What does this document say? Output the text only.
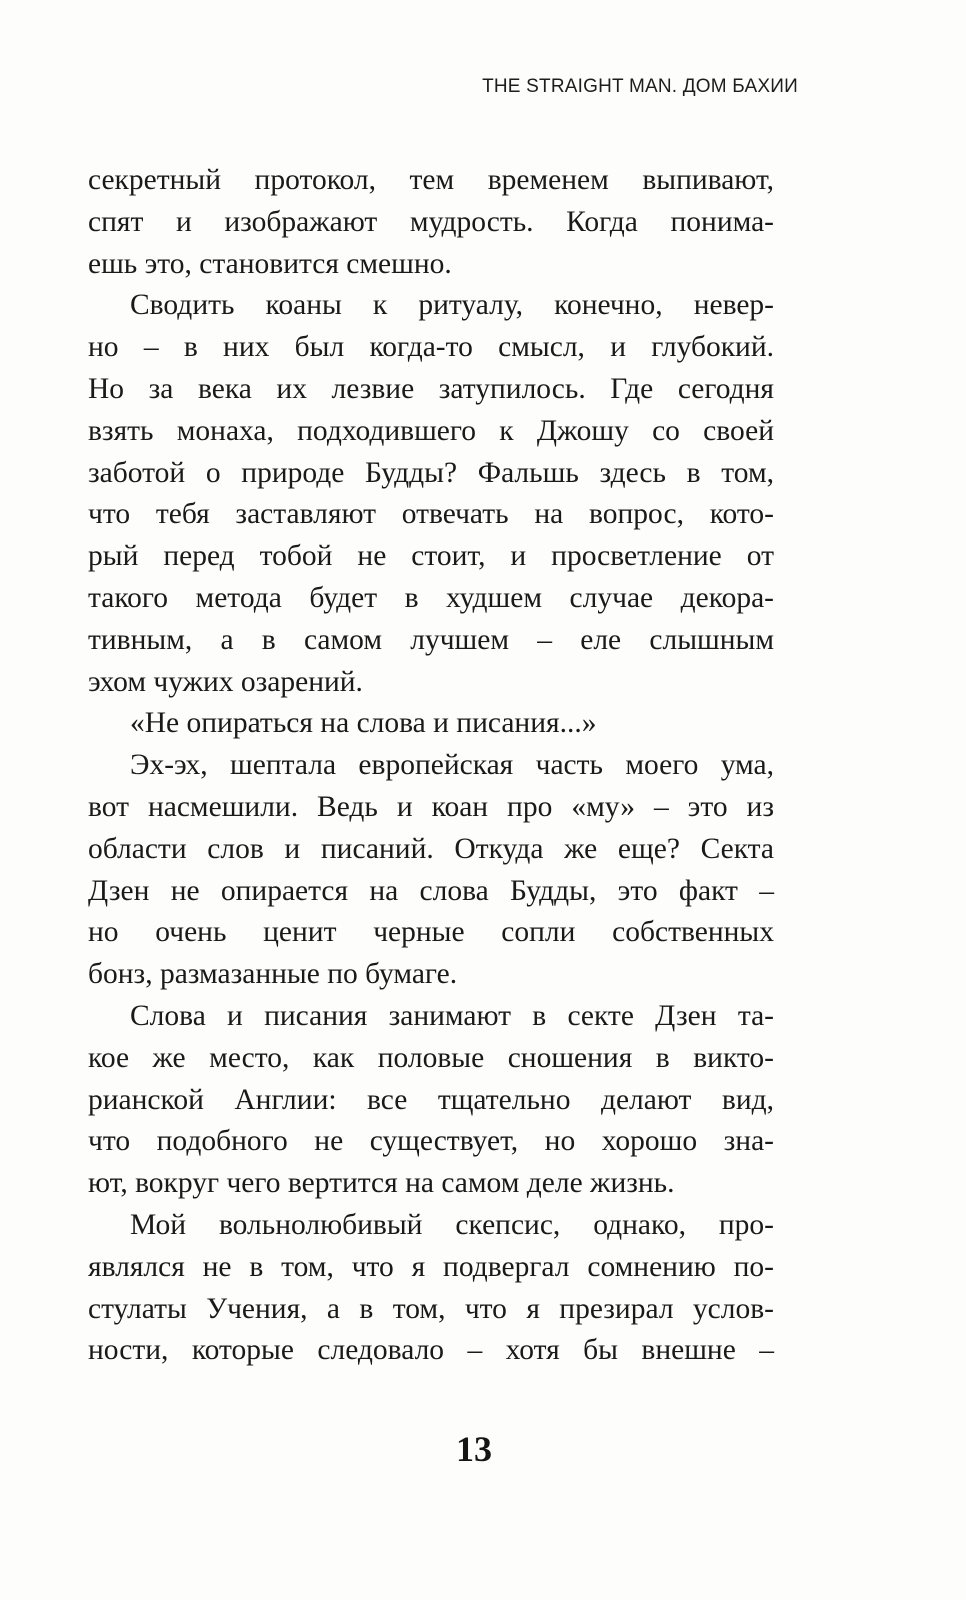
THE STRAIGHT MAN. ДОМ БАХИИ
секретный протокол, тем временем выпивают,
спят и изображают мудрость. Когда понима-
ешь это, становится смешно.
Сводить коаны к ритуалу, конечно, невер-
но – в них был когда-то смысл, и глубокий.
Но за века их лезвие затупилось. Где сегодня
взять монаха, подходившего к Джошу со своей
заботой о природе Будды? Фальшь здесь в том,
что тебя заставляют отвечать на вопрос, кото-
рый перед тобой не стоит, и просветление от
такого метода будет в худшем случае декора-
тивным, а в самом лучшем – еле слышным
эхом чужих озарений.
«Не опираться на слова и писания...»
Эх-эх, шептала европейская часть моего ума,
вот насмешили. Ведь и коан про «му» – это из
области слов и писаний. Откуда же еще? Секта
Дзен не опирается на слова Будды, это факт –
но очень ценит черные сопли собственных
бонз, размазанные по бумаге.
Слова и писания занимают в секте Дзен та-
кое же место, как половые сношения в викто-
рианской Англии: все тщательно делают вид,
что подобного не существует, но хорошо зна-
ют, вокруг чего вертится на самом деле жизнь.
Мой вольнолюбивый скепсис, однако, про-
являлся не в том, что я подвергал сомнению по-
стулаты Учения, а в том, что я презирал услов-
ности, которые следовало – хотя бы внешне –
13
